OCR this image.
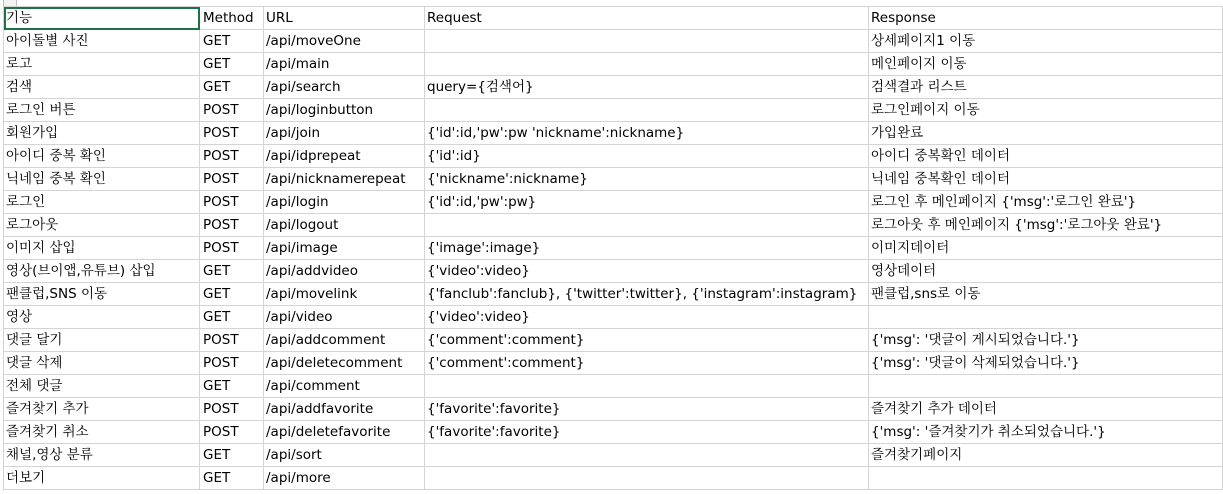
기능	Method	URL	Request	Response
아이돌별 사진	GET	/api/moveOne		상세페이지1 이동
로고	GET	/api/main		메인페이지 이동
검색	GET	/api/search	query={검색어}	검색결과 리스트
로그인 버튼	POST	/api/loginbutton		로그인페이지 이동
회원가입	POST	/api/join	{'id':id,'pw':pw 'nickname':nickname}	가입완료
아이디 중복 확인	POST	/api/idprepeat	{'id':id}	아이디 중복확인 데이터
닉네임 중복 확인	POST	/api/nicknamerepeat	{'nickname':nickname}	닉네임 중복확인 데이터
로그인	POST	/api/login	{'id':id,'pw':pw}	로그인 후 메인페이지 {'msg':'로그인 완료'}
로그아웃	POST	/api/logout		로그아웃 후 메인페이지 {'msg':'로그아웃 완료'}
이미지 삽입	POST	/api/image	{'image':image}	이미지데이터
영상(브이앱,유튜브) 삽입	GET	/api/addvideo	{'video':video}	영상데이터
팬클럽,SNS 이동	GET	/api/movelink	{'fanclub':fanclub}, {'twitter':twitter}, {'instagram':instagram}	팬클럽,sns로 이동
영상	GET	/api/video	{'video':video}	
댓글 달기	POST	/api/addcomment	{'comment':comment}	{'msg': '댓글이 게시되었습니다.'}
댓글 삭제	POST	/api/deletecomment	{'comment':comment}	{'msg': '댓글이 삭제되었습니다.'}
전체 댓글	GET	/api/comment		
즐겨찾기 추가	POST	/api/addfavorite	{'favorite':favorite}	즐겨찾기 추가 데이터
즐겨찾기 취소	POST	/api/deletefavorite	{'favorite':favorite}	{'msg': '즐겨찾기가 취소되었습니다.'}
채널,영상 분류	GET	/api/sort		즐겨찾기페이지
더보기	GET	/api/more		
